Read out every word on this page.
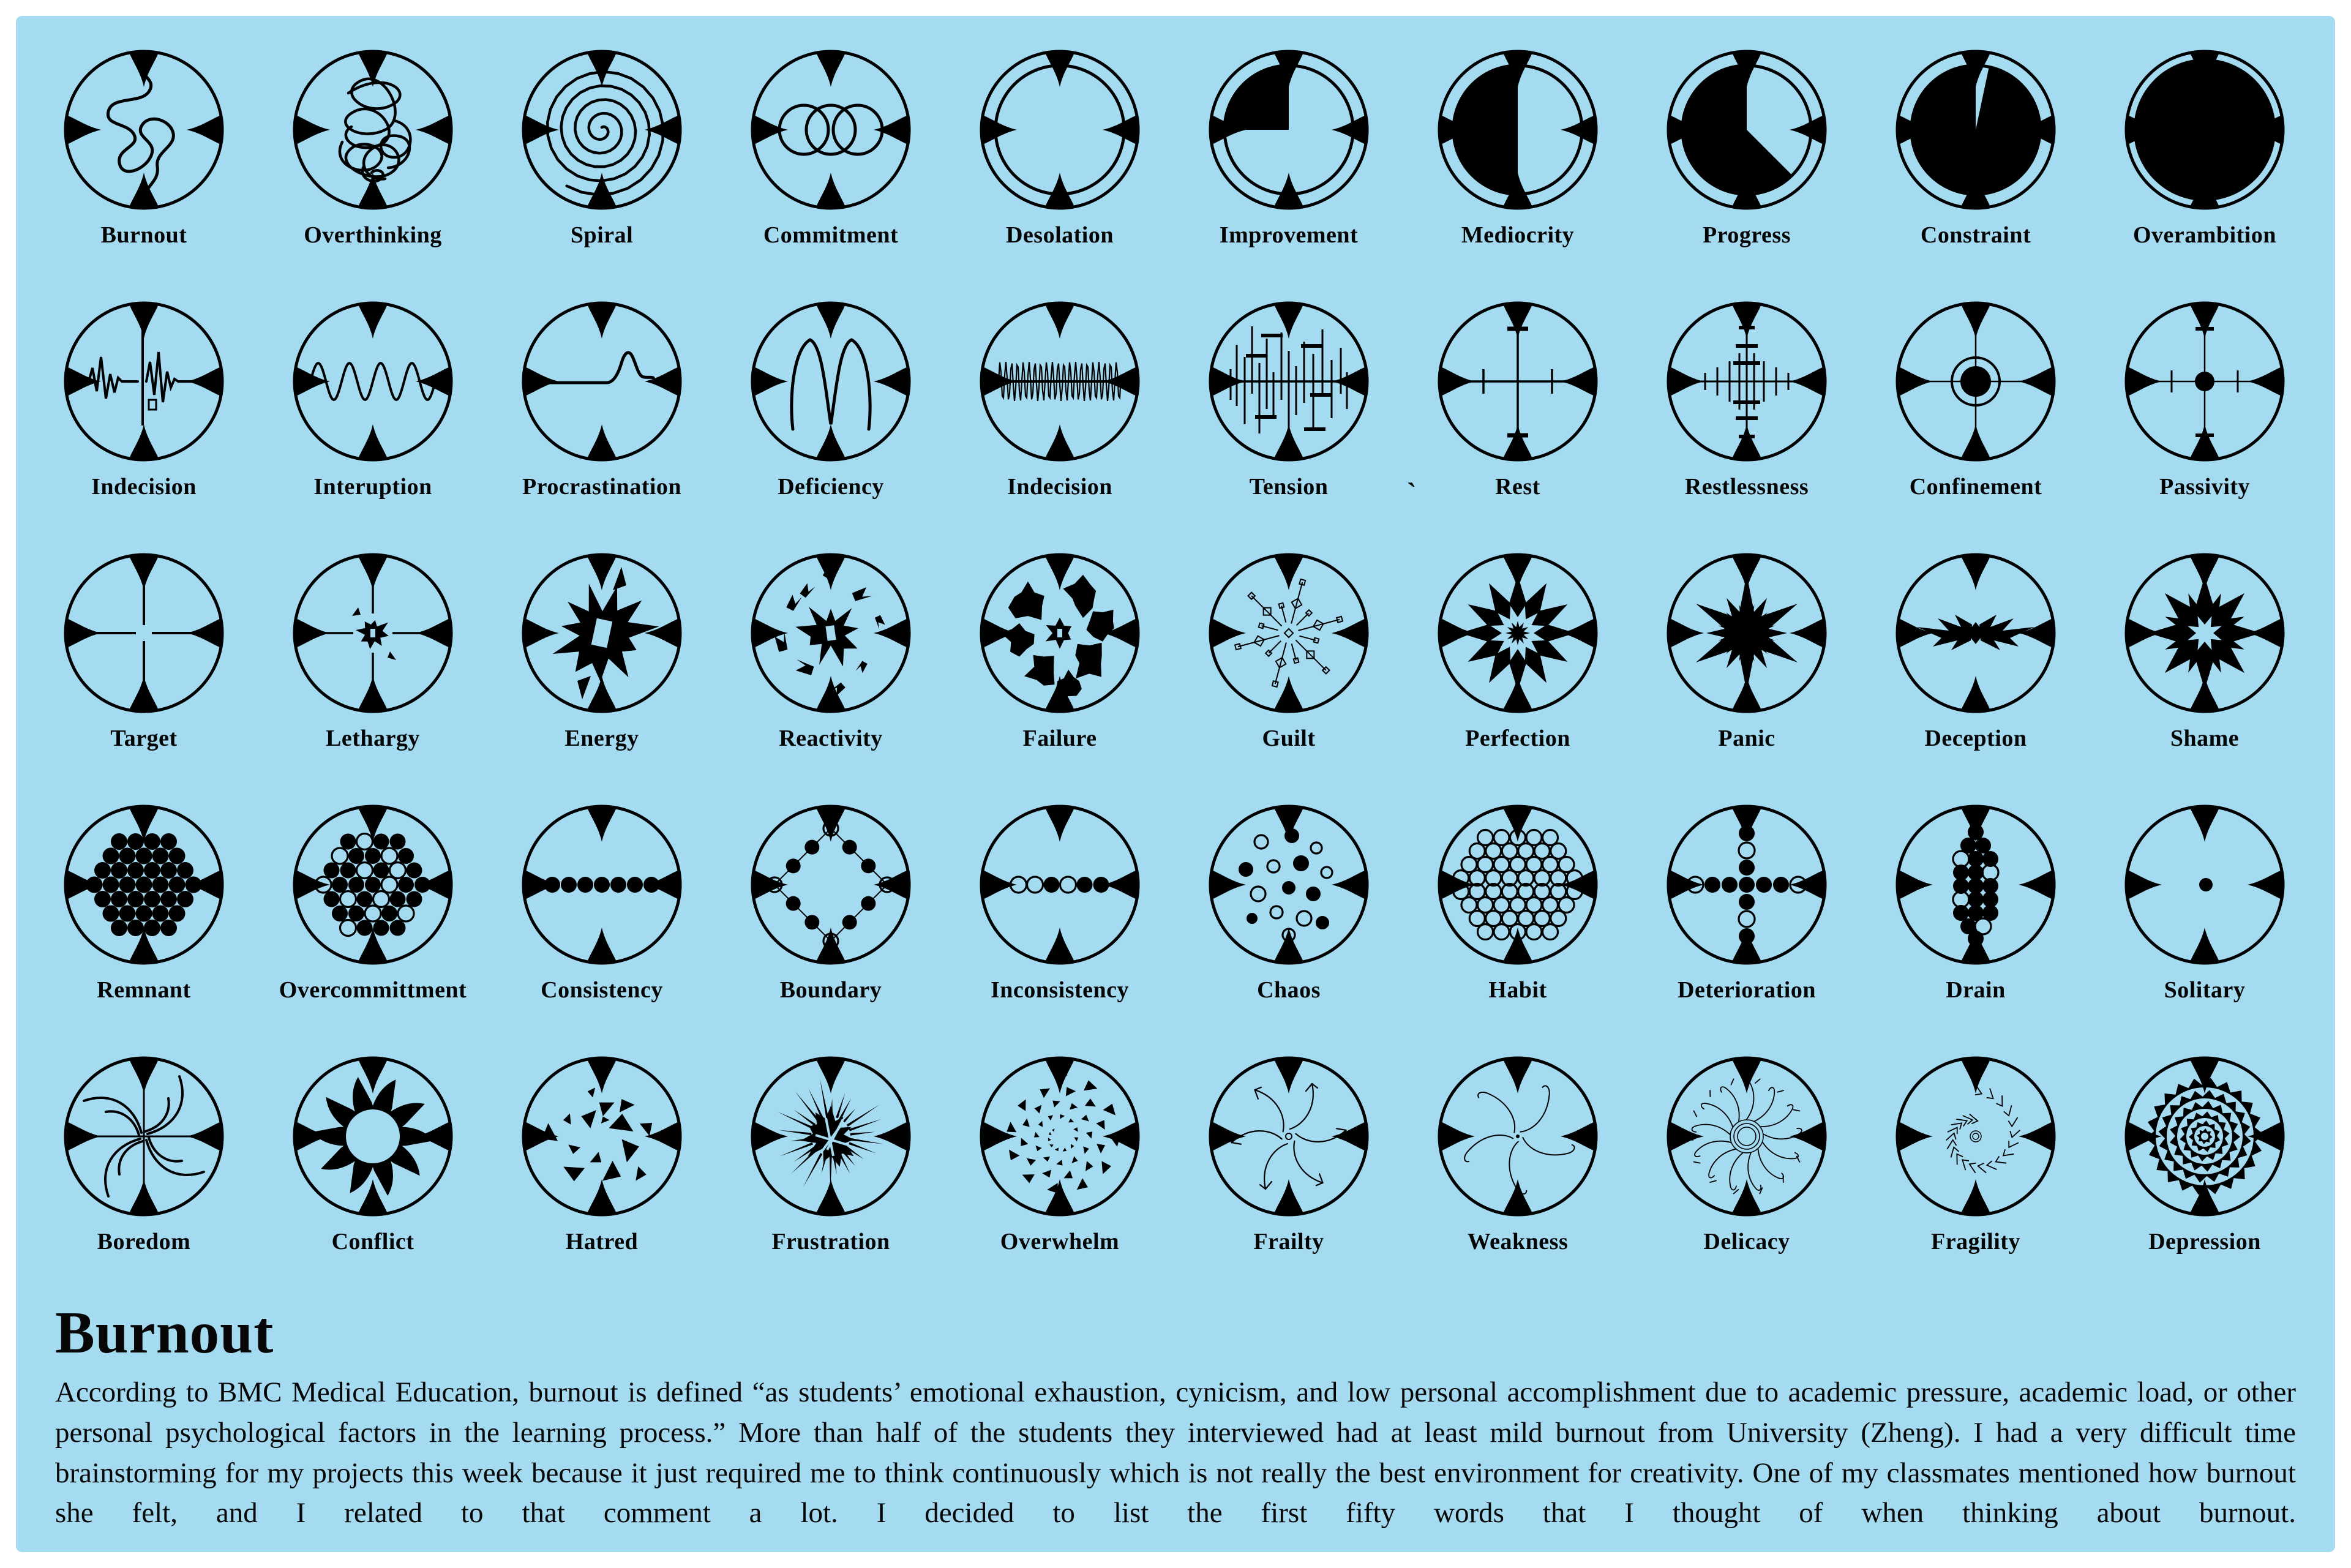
Burnout	Overthinking	Spiral	Commitment	Desolation	Improvement	Mediocrity	Progress	Constraint	Overambition
Indecision	Interuption	Procrastination	Deficiency	Indecision	Tension	Rest	Restlessness	Confinement	Passivity
Target	Lethargy	Energy	Reactivity	Failure	Guilt	Perfection	Panic	Deception	Shame
Remnant	Overcommittment	Consistency	Boundary	Inconsistency	Chaos	Habit	Deterioration	Drain	Solitary
Boredom	Conflict	Hatred	Frustration	Overwhelm	Frailty	Weakness	Delicacy	Fragility	Depression
`
Burnout

According to BMC Medical Education, burnout is defined “as students’ emotional exhaustion, cynicism, and low personal accomplishment due to academic pressure, academic load, or other personal psychological factors in the learning process.” More than half of the students they interviewed had at least mild burnout from University (Zheng). I had a very difficult time brainstorming for my projects this week because it just required me to think continuously which is not really the best environment for creativity. One of my classmates mentioned how burnout she felt, and I related to that comment a lot. I decided to list the first fifty words that I thought of when thinking about burnout.
